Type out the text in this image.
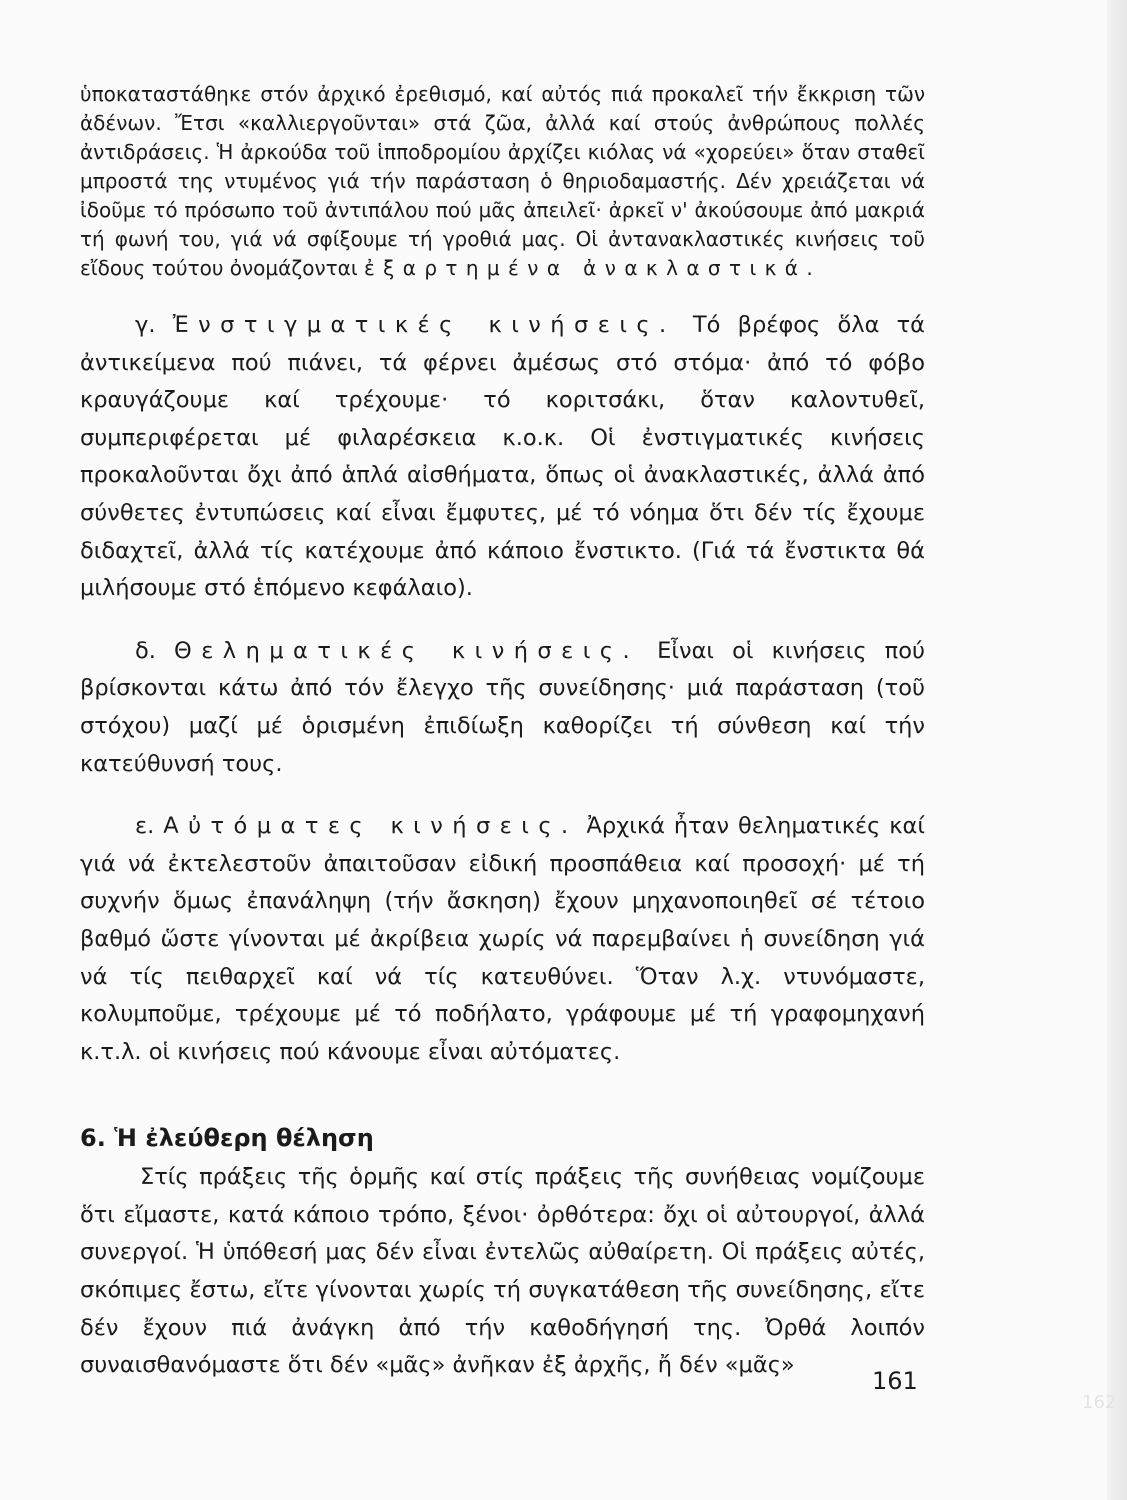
ὑποκαταστάθηκε στόν ἀρχικό ἐρεθισμό, καί αὐτός πιά προκαλεῖ τήν ἔκκριση τῶν ἀδένων. Ἔτσι «καλλιεργοῦνται» στά ζῶα, ἀλλά καί στούς ἀνθρώπους πολλές ἀντιδράσεις. Ἡ ἀρκούδα τοῦ ἱπποδρομίου ἀρχίζει κιόλας νά «χορεύει» ὅταν σταθεῖ μπροστά της ντυμένος γιά τήν παράσταση ὁ θηριοδαμαστής. Δέν χρειάζεται νά ἰδοῦμε τό πρόσωπο τοῦ ἀντιπάλου πού μᾶς ἀπειλεῖ· ἀρκεῖ ν' ἀκούσουμε ἀπό μακριά τή φωνή του, γιά νά σφίξουμε τή γροθιά μας. Οἱ ἀντανακλαστικές κινήσεις τοῦ εἴδους τούτου ὀνομάζονται ἐξαρτημένα ἀνακλαστικά.

γ. Ἐνστιγματικές κινήσεις. Τό βρέφος ὅλα τά ἀντικείμενα πού πιάνει, τά φέρνει ἀμέσως στό στόμα· ἀπό τό φόβο κραυγάζουμε καί τρέχουμε· τό κοριτσάκι, ὅταν καλοντυθεῖ, συμπεριφέρεται μέ φιλαρέσκεια κ.ο.κ. Οἱ ἐνστιγματικές κινήσεις προκαλοῦνται ὄχι ἀπό ἁπλά αἰσθήματα, ὅπως οἱ ἀνακλαστικές, ἀλλά ἀπό σύνθετες ἐντυπώσεις καί εἶναι ἔμφυτες, μέ τό νόημα ὅτι δέν τίς ἔχουμε διδαχτεῖ, ἀλλά τίς κατέχουμε ἀπό κάποιο ἔνστικτο. (Γιά τά ἔνστικτα θά μιλήσουμε στό ἑπόμενο κεφάλαιο).

δ. Θεληματικές κινήσεις. Εἶναι οἱ κινήσεις πού βρίσκονται κάτω ἀπό τόν ἔλεγχο τῆς συνείδησης· μιά παράσταση (τοῦ στόχου) μαζί μέ ὁρισμένη ἐπιδίωξη καθορίζει τή σύνθεση καί τήν κατεύθυνσή τους.

ε. Αὐτόματες κινήσεις. Ἀρχικά ἦταν θεληματικές καί γιά νά ἐκτελεστοῦν ἀπαιτοῦσαν εἰδική προσπάθεια καί προσοχή· μέ τή συχνήν ὅμως ἐπανάληψη (τήν ἄσκηση) ἔχουν μηχανοποιηθεῖ σέ τέτοιο βαθμό ὥστε γίνονται μέ ἀκρίβεια χωρίς νά παρεμβαίνει ἡ συνείδηση γιά νά τίς πειθαρχεῖ καί νά τίς κατευθύνει. Ὅταν λ.χ. ντυνόμαστε, κολυμποῦμε, τρέχουμε μέ τό ποδήλατο, γράφουμε μέ τή γραφομηχανή κ.τ.λ. οἱ κινήσεις πού κάνουμε εἶναι αὐτόματες.

6. Ἡ ἐλεύθερη θέληση

Στίς πράξεις τῆς ὁρμῆς καί στίς πράξεις τῆς συνήθειας νομίζουμε ὅτι εἴμαστε, κατά κάποιο τρόπο, ξένοι· ὀρθότερα: ὄχι οἱ αὐτουργοί, ἀλλά συνεργοί. Ἡ ὑπόθεσή μας δέν εἶναι ἐντελῶς αὐθαίρετη. Οἱ πράξεις αὐτές, σκόπιμες ἔστω, εἴτε γίνονται χωρίς τή συγκατάθεση τῆς συνείδησης, εἴτε δέν ἔχουν πιά ἀνάγκη ἀπό τήν καθοδήγησή της. Ὀρθά λοιπόν συναισθανόμαστε ὅτι δέν «μᾶς» ἀνῆκαν ἐξ ἀρχῆς, ἤ δέν «μᾶς»

161
162
